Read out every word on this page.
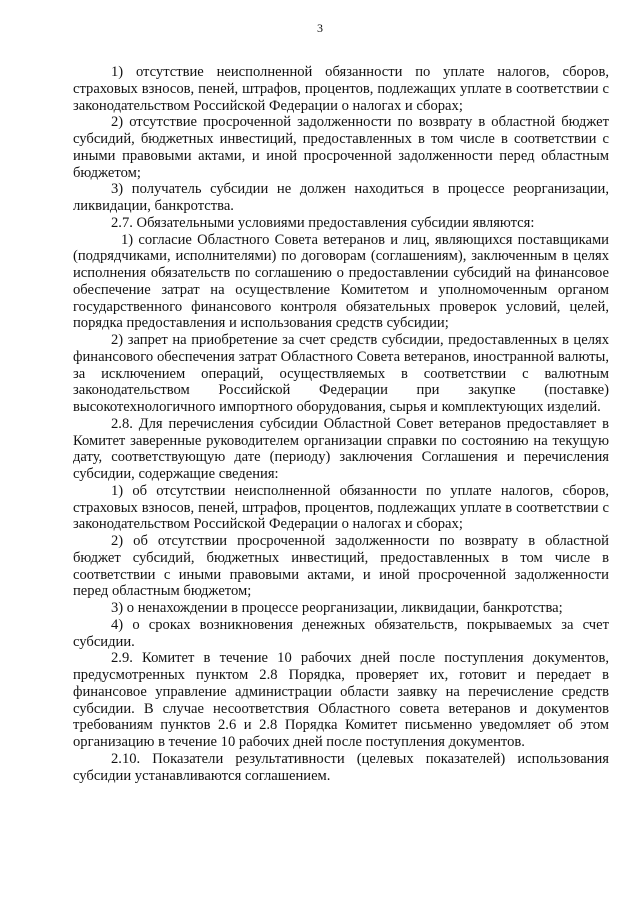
3

1) отсутствие неисполненной обязанности по уплате налогов, сборов, страховых взносов, пеней, штрафов, процентов, подлежащих уплате в соответствии с законодательством Российской Федерации о налогах и сборах;

2) отсутствие просроченной задолженности по возврату в областной бюджет субсидий, бюджетных инвестиций, предоставленных в том числе в соответствии с иными правовыми актами, и иной просроченной задолженности перед областным бюджетом;

3) получатель субсидии не должен находиться в процессе реорганизации, ликвидации, банкротства.

2.7. Обязательными условиями предоставления субсидии являются:

1) согласие Областного Совета ветеранов и лиц, являющихся поставщиками (подрядчиками, исполнителями) по договорам (соглашениям), заключенным в целях исполнения обязательств по соглашению о предоставлении субсидий на финансовое обеспечение затрат на осуществление Комитетом и уполномоченным органом государственного финансового контроля обязательных проверок условий, целей, порядка предоставления и использования средств субсидии;

2) запрет на приобретение за счет средств субсидии, предоставленных в целях финансового обеспечения затрат Областного Совета ветеранов, иностранной валюты, за исключением операций, осуществляемых в соответствии с валютным законодательством Российской Федерации при закупке (поставке) высокотехнологичного импортного оборудования, сырья и комплектующих изделий.

2.8. Для перечисления субсидии Областной Совет ветеранов предоставляет в Комитет заверенные руководителем организации справки по состоянию на текущую дату, соответствующую дате (периоду) заключения Соглашения и перечисления субсидии, содержащие сведения:

1) об отсутствии неисполненной обязанности по уплате налогов, сборов, страховых взносов, пеней, штрафов, процентов, подлежащих уплате в соответствии с законодательством Российской Федерации о налогах и сборах;

2) об отсутствии просроченной задолженности по возврату в областной бюджет субсидий, бюджетных инвестиций, предоставленных в том числе в соответствии с иными правовыми актами, и иной просроченной задолженности перед областным бюджетом;

3) о ненахождении в процессе реорганизации, ликвидации, банкротства;

4) о сроках возникновения денежных обязательств, покрываемых за счет субсидии.

2.9. Комитет в течение 10 рабочих дней после поступления документов, предусмотренных пунктом 2.8 Порядка, проверяет их, готовит и передает в финансовое управление администрации области заявку на перечисление средств субсидии. В случае несоответствия Областного совета ветеранов и документов требованиям пунктов 2.6 и 2.8 Порядка Комитет письменно уведомляет об этом организацию в течение 10 рабочих дней после поступления документов.

2.10. Показатели результативности (целевых показателей) использования субсидии устанавливаются соглашением.
